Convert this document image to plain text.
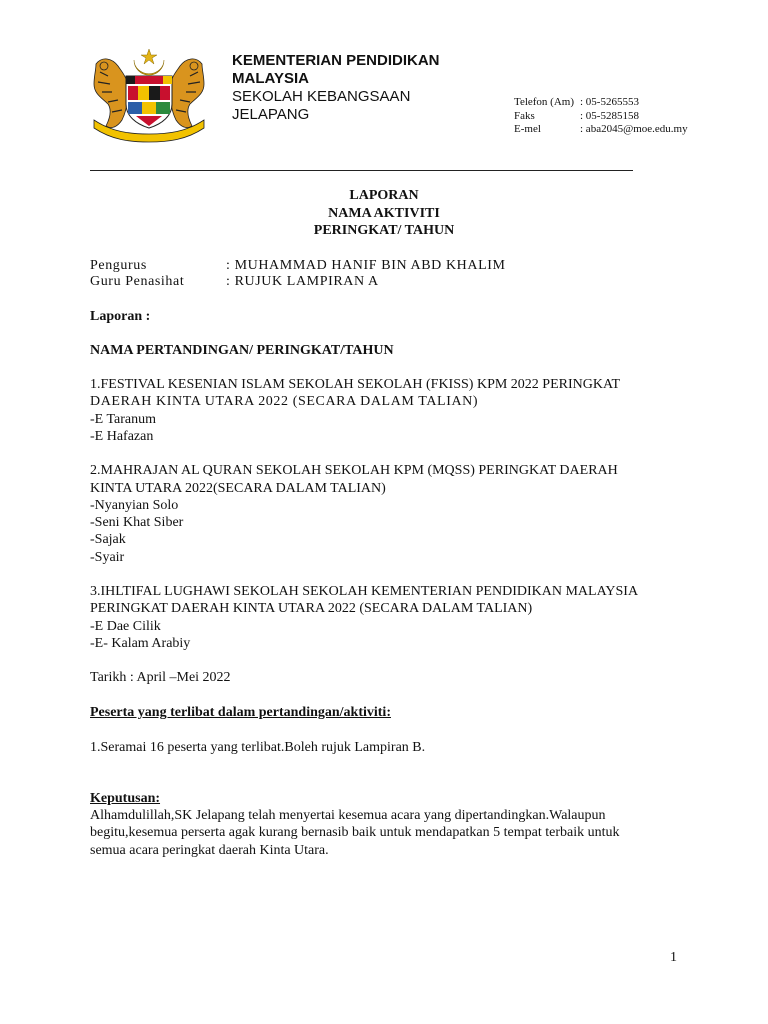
KEMENTERIAN PENDIDIKAN
MALAYSIA
SEKOLAH KEBANGSAAN
JELAPANG
Telefon (Am) : 05-5265553
Faks	: 05-5285158
E-mel	: aba2045@moe.edu.my
LAPORAN
NAMA AKTIVITI
PERINGKAT/ TAHUN
Pengurus	: MUHAMMAD HANIF BIN ABD KHALIM
Guru Penasihat	: RUJUK LAMPIRAN A
Laporan :
NAMA PERTANDINGAN/ PERINGKAT/TAHUN
1.FESTIVAL KESENIAN ISLAM SEKOLAH SEKOLAH (FKISS) KPM 2022 PERINGKAT
DAERAH KINTA UTARA 2022 (SECARA DALAM TALIAN)
-E Taranum
-E Hafazan
2.MAHRAJAN AL QURAN SEKOLAH SEKOLAH KPM (MQSS) PERINGKAT DAERAH
KINTA UTARA 2022(SECARA DALAM TALIAN)
-Nyanyian Solo
-Seni Khat Siber
-Sajak
-Syair
3.IHLTIFAL LUGHAWI SEKOLAH SEKOLAH KEMENTERIAN PENDIDIKAN MALAYSIA
PERINGKAT DAERAH KINTA UTARA 2022 (SECARA DALAM TALIAN)
-E Dae Cilik
-E- Kalam Arabiy
Tarikh : April –Mei 2022
Peserta yang terlibat dalam pertandingan/aktiviti:
1.Seramai 16 peserta yang terlibat.Boleh rujuk Lampiran B.
Keputusan:
Alhamdulillah,SK Jelapang telah menyertai kesemua acara yang dipertandingkan.Walaupun
begitu,kesemua perserta agak kurang bernasib baik untuk mendapatkan 5 tempat terbaik untuk
semua acara peringkat daerah Kinta Utara.
1
